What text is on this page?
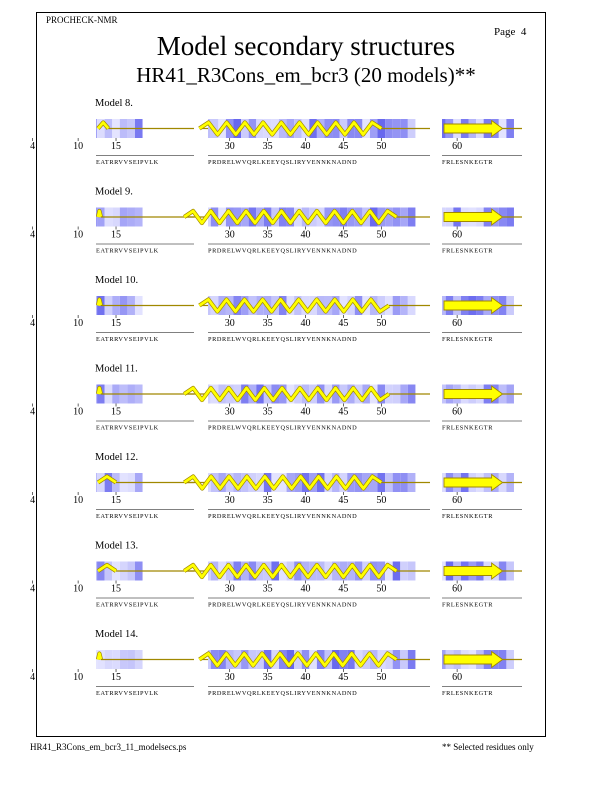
PROCHECK-NMR
Page 4
Model secondary structures
HR41_R3Cons_em_bcr3 (20 models)**
Model 8.
4	10	15
EATRRVVSEIPVLK
30	35	40	45	50
PRDRELWVQRLKEEYQSLIRYVENNKNADND
60
FRLESNKEGTR
Model 9.
4	10	15
EATRRVVSEIPVLK
30	35	40	45	50
PRDRELWVQRLKEEYQSLIRYVENNKNADND
60
FRLESNKEGTR
Model 10.
4	10	15
EATRRVVSEIPVLK
30	35	40	45	50
PRDRELWVQRLKEEYQSLIRYVENNKNADND
60
FRLESNKEGTR
Model 11.
4	10	15
EATRRVVSEIPVLK
30	35	40	45	50
PRDRELWVQRLKEEYQSLIRYVENNKNADND
60
FRLESNKEGTR
Model 12.
4	10	15
EATRRVVSEIPVLK
30	35	40	45	50
PRDRELWVQRLKEEYQSLIRYVENNKNADND
60
FRLESNKEGTR
Model 13.
4	10	15
EATRRVVSEIPVLK
30	35	40	45	50
PRDRELWVQRLKEEYQSLIRYVENNKNADND
60
FRLESNKEGTR
Model 14.
4	10	15
EATRRVVSEIPVLK
30	35	40	45	50
PRDRELWVQRLKEEYQSLIRYVENNKNADND
60
FRLESNKEGTR
HR41_R3Cons_em_bcr3_11_modelsecs.ps	** Selected residues only
